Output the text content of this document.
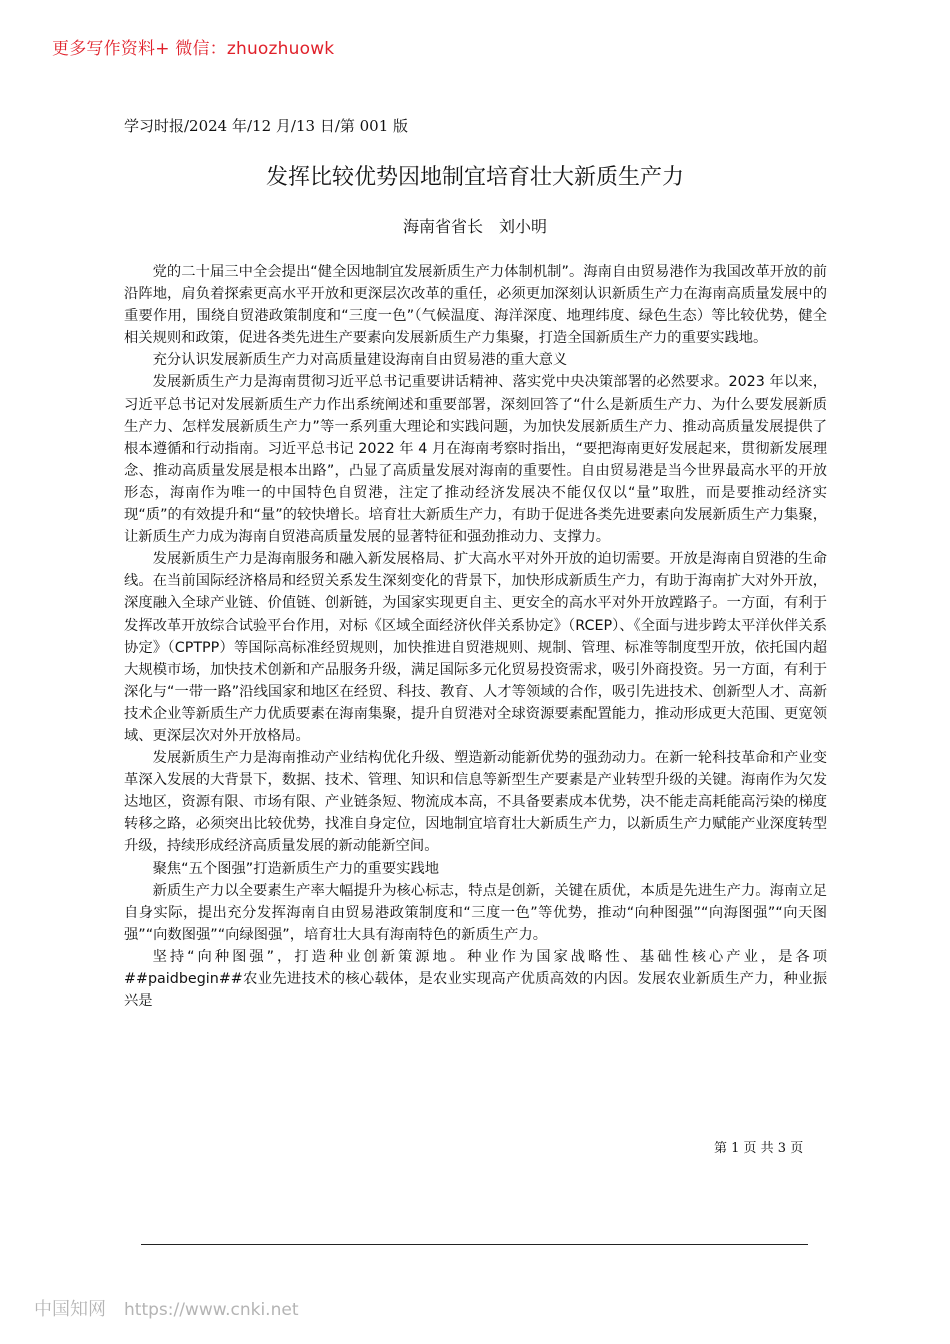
更多写作资料+ 微信：zhuozhuowk
学习时报/2024 年/12 月/13 日/第 001 版
发挥比较优势因地制宜培育壮大新质生产力
海南省省长　刘小明

党的二十届三中全会提出“健全因地制宜发展新质生产力体制机制”。海南自由贸易港作为我国改革开放的前沿阵地，肩负着探索更高水平开放和更深层次改革的重任，必须更加深刻认识新质生产力在海南高质量发展中的重要作用，围绕自贸港政策制度和“三度一色”（气候温度、海洋深度、地理纬度、绿色生态）等比较优势，健全相关规则和政策，促进各类先进生产要素向发展新质生产力集聚，打造全国新质生产力的重要实践地。

充分认识发展新质生产力对高质量建设海南自由贸易港的重大意义

发展新质生产力是海南贯彻习近平总书记重要讲话精神、落实党中央决策部署的必然要求。2023 年以来，习近平总书记对发展新质生产力作出系统阐述和重要部署，深刻回答了“什么是新质生产力、为什么要发展新质生产力、怎样发展新质生产力”等一系列重大理论和实践问题，为加快发展新质生产力、推动高质量发展提供了根本遵循和行动指南。习近平总书记 2022 年 4 月在海南考察时指出，“要把海南更好发展起来，贯彻新发展理念、推动高质量发展是根本出路”，凸显了高质量发展对海南的重要性。自由贸易港是当今世界最高水平的开放形态，海南作为唯一的中国特色自贸港，注定了推动经济发展决不能仅仅以“量”取胜，而是要推动经济实现“质”的有效提升和“量”的较快增长。培育壮大新质生产力，有助于促进各类先进要素向发展新质生产力集聚，让新质生产力成为海南自贸港高质量发展的显著特征和强劲推动力、支撑力。

发展新质生产力是海南服务和融入新发展格局、扩大高水平对外开放的迫切需要。开放是海南自贸港的生命线。在当前国际经济格局和经贸关系发生深刻变化的背景下，加快形成新质生产力，有助于海南扩大对外开放，深度融入全球产业链、价值链、创新链，为国家实现更自主、更安全的高水平对外开放蹚路子。一方面，有利于发挥改革开放综合试验平台作用，对标《区域全面经济伙伴关系协定》（RCEP）、《全面与进步跨太平洋伙伴关系协定》（CPTPP）等国际高标准经贸规则，加快推进自贸港规则、规制、管理、标准等制度型开放，依托国内超大规模市场，加快技术创新和产品服务升级，满足国际多元化贸易投资需求，吸引外商投资。另一方面，有利于深化与“一带一路”沿线国家和地区在经贸、科技、教育、人才等领域的合作，吸引先进技术、创新型人才、高新技术企业等新质生产力优质要素在海南集聚，提升自贸港对全球资源要素配置能力，推动形成更大范围、更宽领域、更深层次对外开放格局。

发展新质生产力是海南推动产业结构优化升级、塑造新动能新优势的强劲动力。在新一轮科技革命和产业变革深入发展的大背景下，数据、技术、管理、知识和信息等新型生产要素是产业转型升级的关键。海南作为欠发达地区，资源有限、市场有限、产业链条短、物流成本高，不具备要素成本优势，决不能走高耗能高污染的梯度转移之路，必须突出比较优势，找准自身定位，因地制宜培育壮大新质生产力，以新质生产力赋能产业深度转型升级，持续形成经济高质量发展的新动能新空间。

聚焦“五个图强”打造新质生产力的重要实践地

新质生产力以全要素生产率大幅提升为核心标志，特点是创新，关键在质优，本质是先进生产力。海南立足自身实际，提出充分发挥海南自由贸易港政策制度和“三度一色”等优势，推动“向种图强”“向海图强”“向天图强”“向数图强”“向绿图强”，培育壮大具有海南特色的新质生产力。

坚持“向种图强”，打造种业创新策源地。种业作为国家战略性、基础性核心产业，是各项##paidbegin##农业先进技术的核心载体，是农业实现高产优质高效的内因。发展农业新质生产力，种业振兴是

第 1 页 共 3 页
中国知网 https://www.cnki.net
